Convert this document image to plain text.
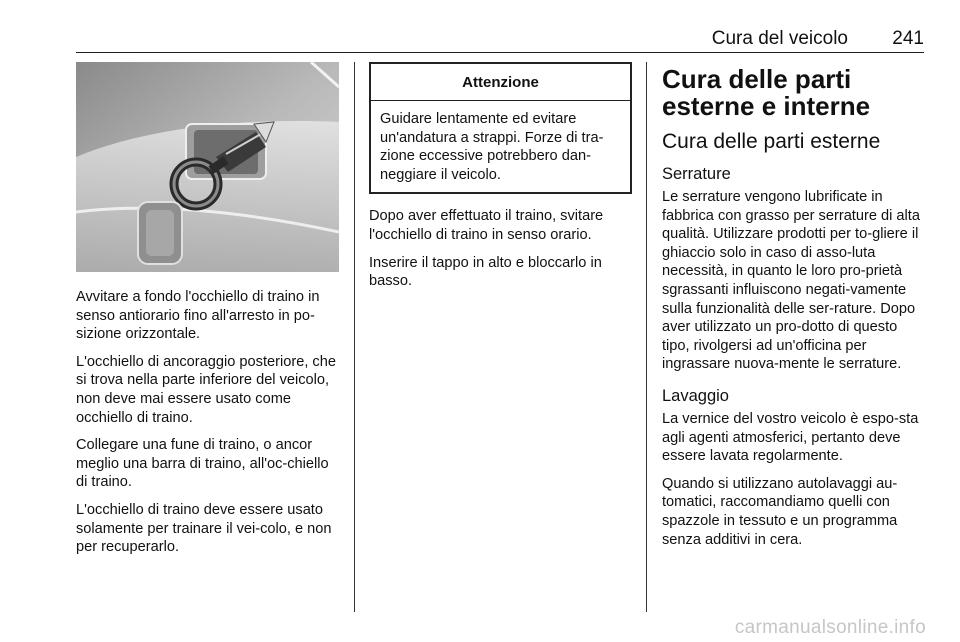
Cura del veicolo 241

Avvitare a fondo l'occhiello di traino in senso antiorario fino all'arresto in po-sizione orizzontale.

L'occhiello di ancoraggio posteriore, che si trova nella parte inferiore del veicolo, non deve mai essere usato come occhiello di traino.

Collegare una fune di traino, o ancor meglio una barra di traino, all'oc-chiello di traino.

L'occhiello di traino deve essere usato solamente per trainare il vei-colo, e non per recuperarlo.

Attenzione

Guidare lentamente ed evitare un'andatura a strappi. Forze di tra-zione eccessive potrebbero dan-neggiare il veicolo.

Dopo aver effettuato il traino, svitare l'occhiello di traino in senso orario.

Inserire il tappo in alto e bloccarlo in basso.

Cura delle parti esterne e interne
Cura delle parti esterne
Serrature

Le serrature vengono lubrificate in fabbrica con grasso per serrature di alta qualità. Utilizzare prodotti per to-gliere il ghiaccio solo in caso di asso-luta necessità, in quanto le loro pro-prietà sgrassanti influiscono negati-vamente sulla funzionalità delle ser-rature. Dopo aver utilizzato un pro-dotto di questo tipo, rivolgersi ad un'officina per ingrassare nuova-mente le serrature.

Lavaggio

La vernice del vostro veicolo è espo-sta agli agenti atmosferici, pertanto deve essere lavata regolarmente.

Quando si utilizzano autolavaggi au-tomatici, raccomandiamo quelli con spazzole in tessuto e un programma senza additivi in cera.

carmanualsonline.info
